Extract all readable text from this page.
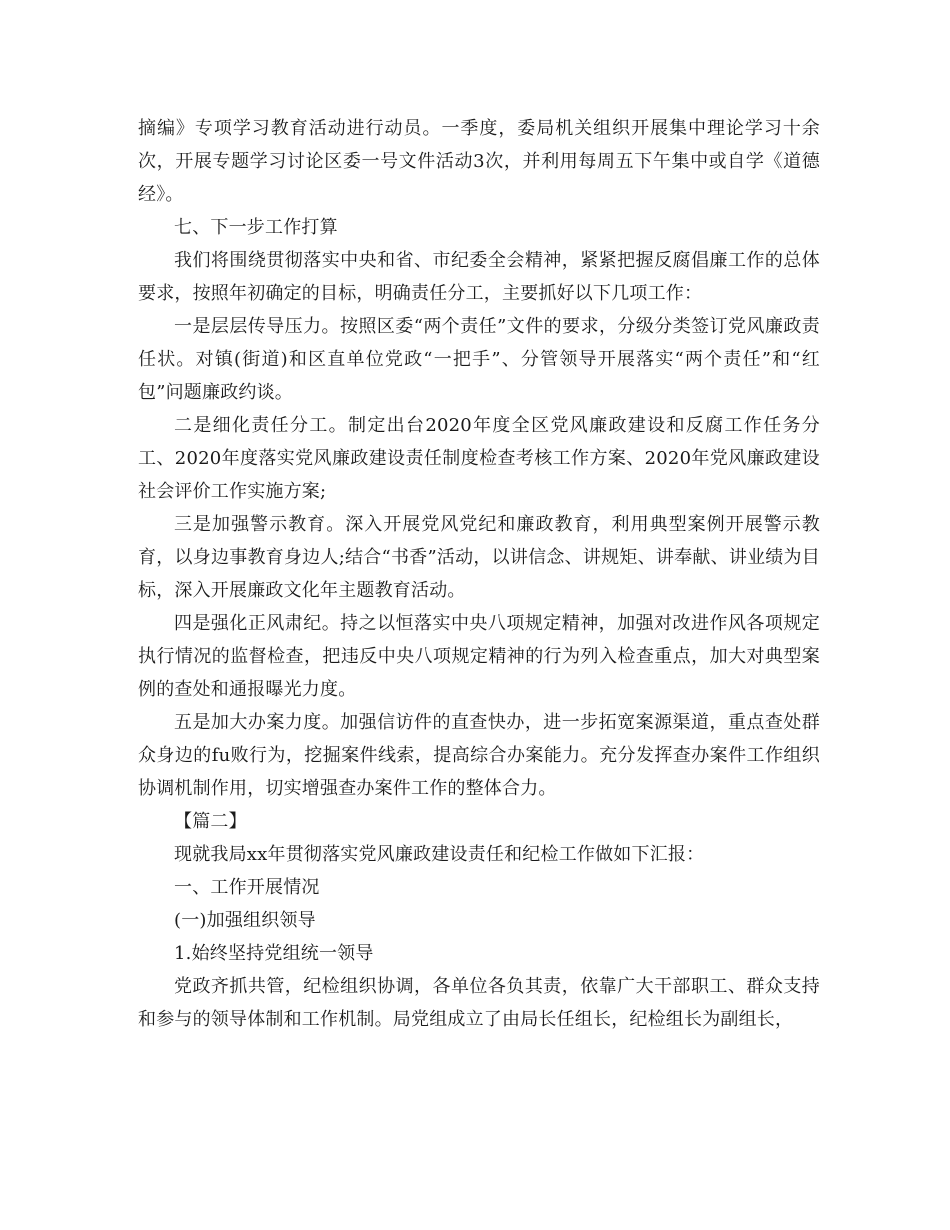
摘编》专项学习教育活动进行动员。一季度，委局机关组织开展集中理论学习十余次，开展专题学习讨论区委一号文件活动3次，并利用每周五下午集中或自学《道德经》。

七、下一步工作打算

我们将围绕贯彻落实中央和省、市纪委全会精神，紧紧把握反腐倡廉工作的总体要求，按照年初确定的目标，明确责任分工，主要抓好以下几项工作：

一是层层传导压力。按照区委“两个责任”文件的要求，分级分类签订党风廉政责任状。对镇(街道)和区直单位党政“一把手”、分管领导开展落实“两个责任”和“红包”问题廉政约谈。

二是细化责任分工。制定出台2020年度全区党风廉政建设和反腐工作任务分工、2020年度落实党风廉政建设责任制度检查考核工作方案、2020年党风廉政建设社会评价工作实施方案;

三是加强警示教育。深入开展党风党纪和廉政教育，利用典型案例开展警示教育，以身边事教育身边人;结合“书香”活动，以讲信念、讲规矩、讲奉献、讲业绩为目标，深入开展廉政文化年主题教育活动。

四是强化正风肃纪。持之以恒落实中央八项规定精神，加强对改进作风各项规定执行情况的监督检查，把违反中央八项规定精神的行为列入检查重点，加大对典型案例的查处和通报曝光力度。

五是加大办案力度。加强信访件的直查快办，进一步拓宽案源渠道，重点查处群众身边的fu败行为，挖掘案件线索，提高综合办案能力。充分发挥查办案件工作组织协调机制作用，切实增强查办案件工作的整体合力。

【篇二】

现就我局xx年贯彻落实党风廉政建设责任和纪检工作做如下汇报：

一、工作开展情况

(一)加强组织领导

1.始终坚持党组统一领导

党政齐抓共管，纪检组织协调，各单位各负其责，依靠广大干部职工、群众支持和参与的领导体制和工作机制。局党组成立了由局长任组长，纪检组长为副组长，
